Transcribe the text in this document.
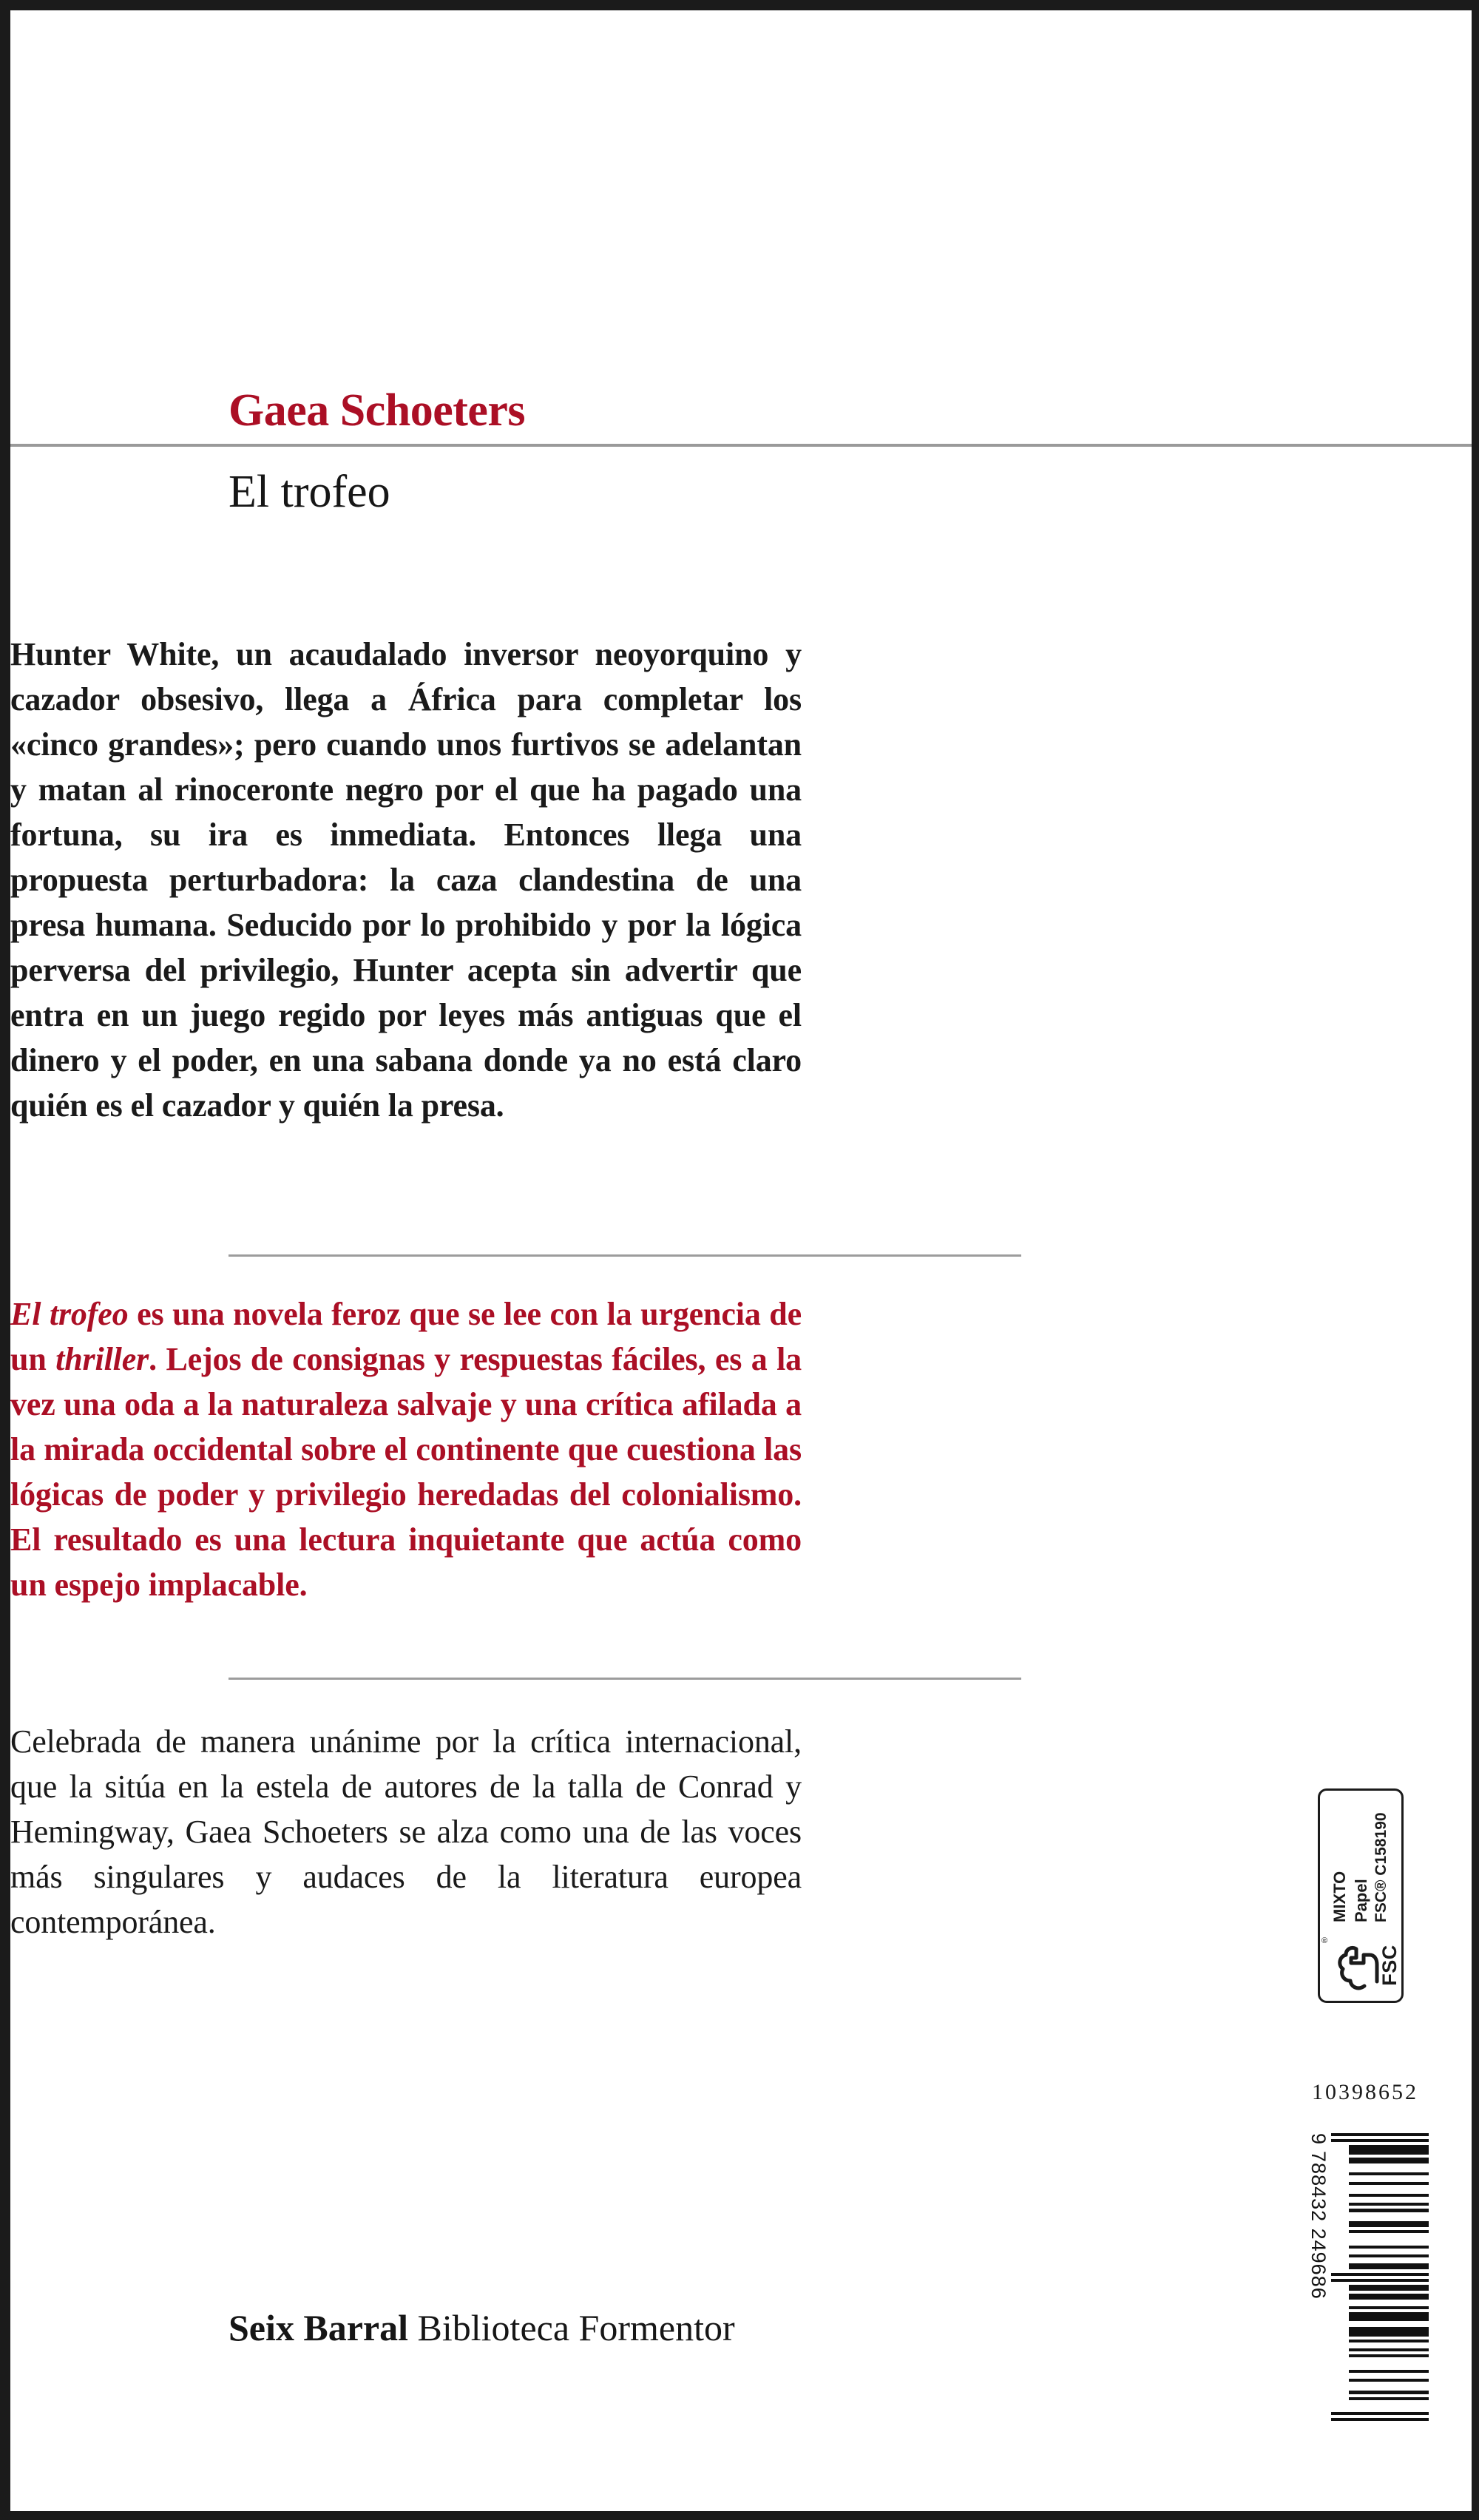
Gaea Schoeters
El trofeo
Hunter White, un acaudalado inversor neoyorquino y cazador obsesivo, llega a África para completar los «cinco grandes»; pero cuando unos furtivos se adelantan y matan al rinoceronte negro por el que ha pagado una fortuna, su ira es inmediata. Entonces llega una propuesta perturbadora: la caza clandestina de una presa humana. Seducido por lo prohibido y por la lógica perversa del privilegio, Hunter acepta sin advertir que entra en un juego regido por leyes más antiguas que el dinero y el poder, en una sabana donde ya no está claro quién es el cazador y quién la presa.
El trofeo es una novela feroz que se lee con la urgencia de un thriller. Lejos de consignas y respuestas fáciles, es a la vez una oda a la naturaleza salvaje y una crítica afilada a la mirada occidental sobre el continente que cuestiona las lógicas de poder y privilegio heredadas del colonialismo. El resultado es una lectura inquietante que actúa como un espejo implacable.
Celebrada de manera unánime por la crítica internacional, que la sitúa en la estela de autores de la talla de Conrad y Hemingway, Gaea Schoeters se alza como una de las voces más singulares y audaces de la literatura europea contemporánea.
Seix Barral Biblioteca Formentor
®
FSC
MIXTO Papel FSC® C158190
10398652
9788432 249686
